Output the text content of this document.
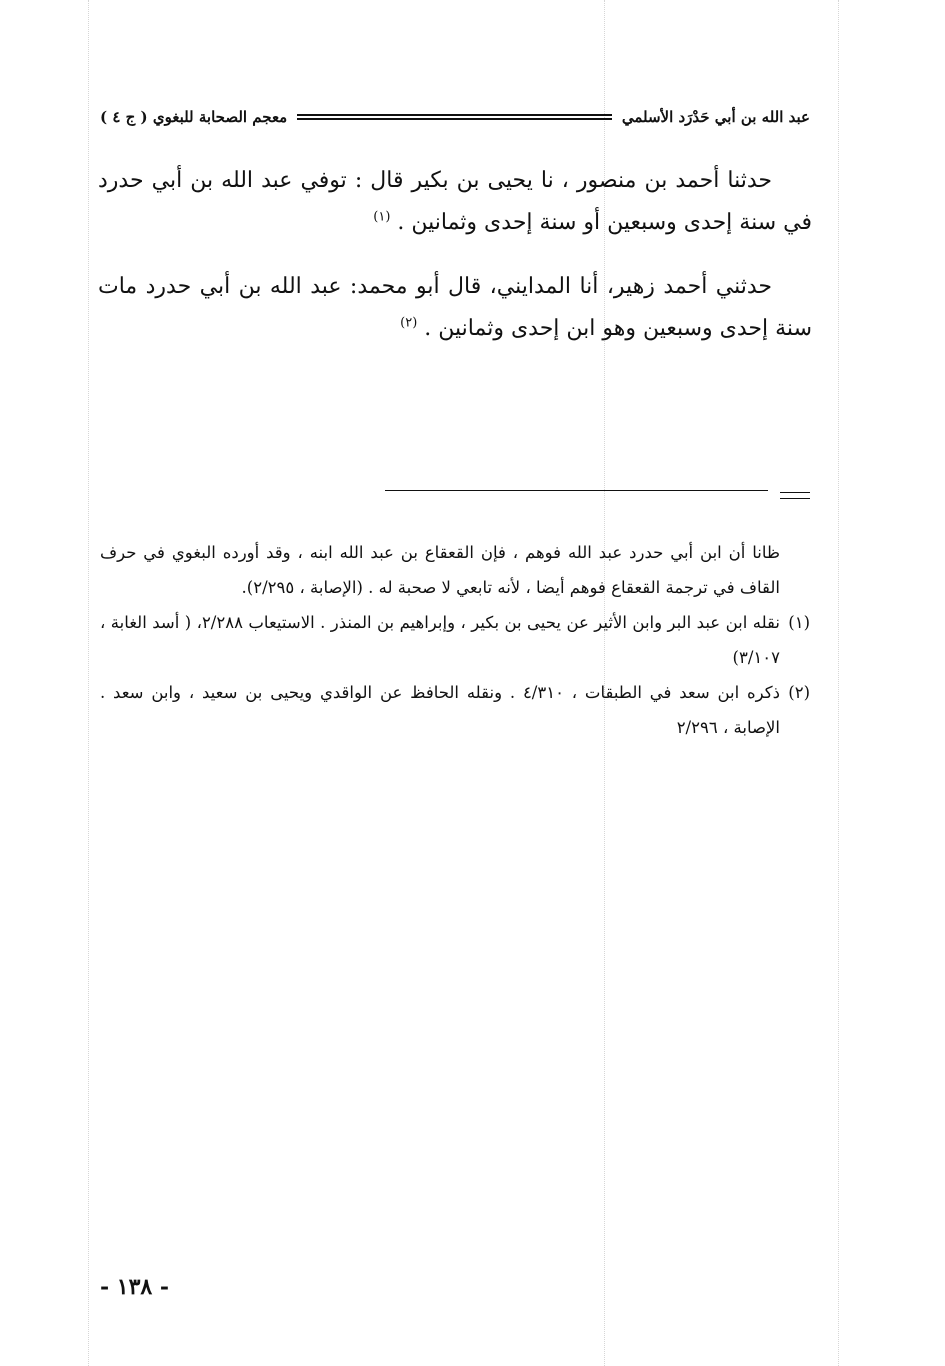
عبد الله بن أبي حَدْرَد الأسلمي
معجم الصحابة للبغوي ( ج ٤ )

حدثنا أحمد بن منصور ، نا يحيى بن بكير قال : توفي عبد الله بن أبي حدرد في سنة إحدى وسبعين أو سنة إحدى وثمانين . $^{(١)}$

حدثني أحمد زهير، أنا المدايني، قال أبو محمد: عبد الله بن أبي حدرد مات سنة إحدى وسبعين وهو ابن إحدى وثمانين . $^{(٢)}$

ظانا أن ابن أبي حدرد عبد الله فوهم ، فإن القعقاع بن عبد الله ابنه ، وقد أورده البغوي في حرف القاف في ترجمة القعقاع فوهم أيضا ، لأنه تابعي لا صحبة له . (الإصابة ، ٢/٢٩٥).

(١)
نقله ابن عبد البر وابن الأثير عن يحيى بن بكير ، وإبراهيم بن المنذر . الاستيعاب ٢/٢٨٨، ( أسد الغابة ، ٣/١٠٧)
(٢)
ذكره ابن سعد في الطبقات ، ٤/٣١٠ . ونقله الحافظ عن الواقدي ويحيى بن سعيد ، وابن سعد . الإصابة ، ٢/٢٩٦
- ١٣٨ -
